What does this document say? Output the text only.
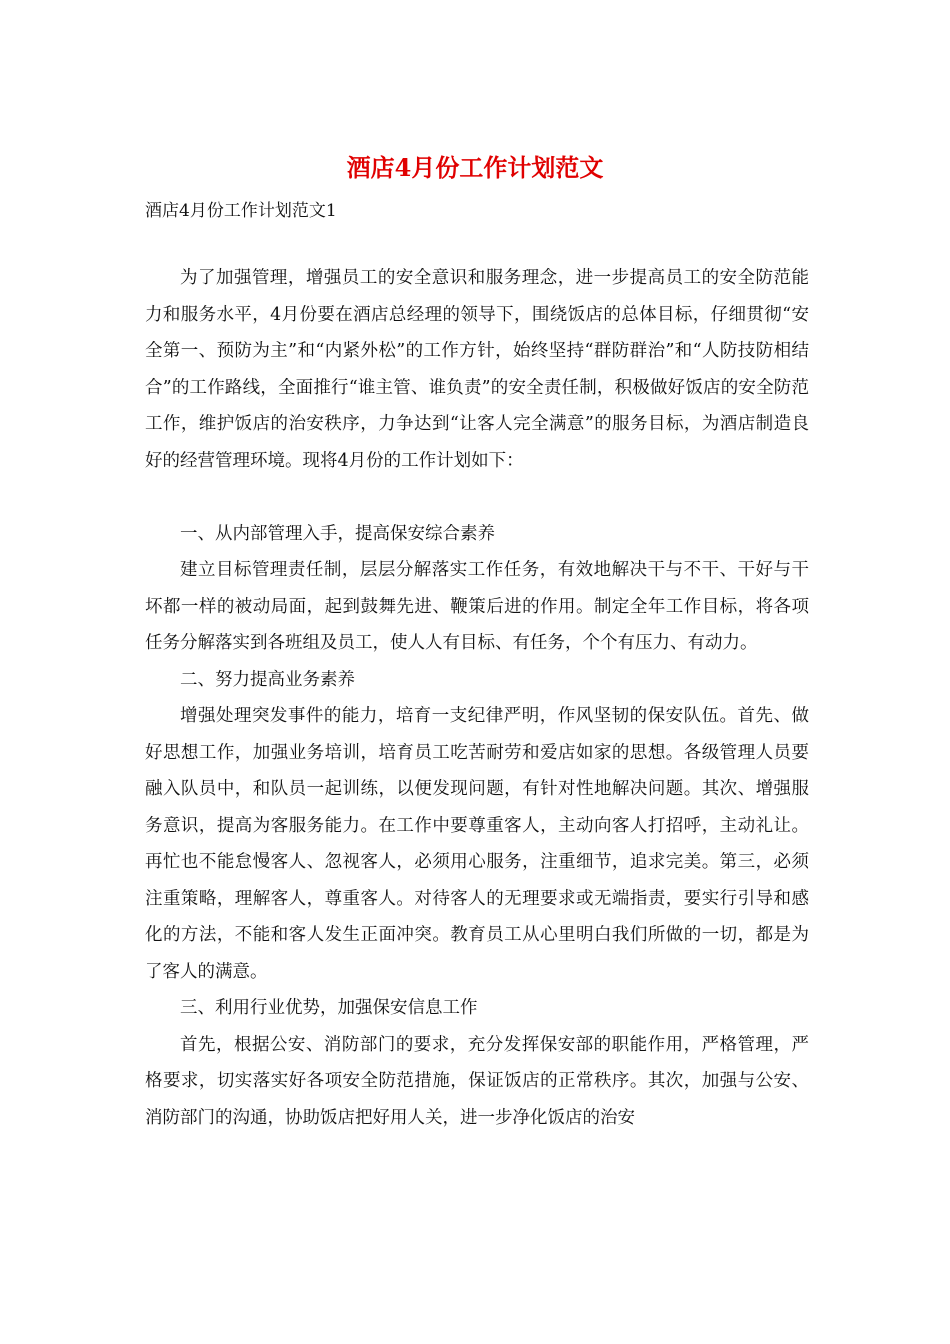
酒店4月份工作计划范文

酒店4月份工作计划范文1

为了加强管理，增强员工的安全意识和服务理念，进一步提高员工的安全防范能力和服务水平，4月份要在酒店总经理的领导下，围绕饭店的总体目标，仔细贯彻“安全第一、预防为主”和“内紧外松”的工作方针，始终坚持“群防群治”和“人防技防相结合”的工作路线，全面推行“谁主管、谁负责”的安全责任制，积极做好饭店的安全防范工作，维护饭店的治安秩序，力争达到“让客人完全满意”的服务目标，为酒店制造良好的经营管理环境。现将4月份的工作计划如下：

一、从内部管理入手，提高保安综合素养

建立目标管理责任制，层层分解落实工作任务，有效地解决干与不干、干好与干坏都一样的被动局面，起到鼓舞先进、鞭策后进的作用。制定全年工作目标，将各项任务分解落实到各班组及员工，使人人有目标、有任务，个个有压力、有动力。

二、努力提高业务素养

增强处理突发事件的能力，培育一支纪律严明，作风坚韧的保安队伍。首先、做好思想工作，加强业务培训，培育员工吃苦耐劳和爱店如家的思想。各级管理人员要融入队员中，和队员一起训练，以便发现问题，有针对性地解决问题。其次、增强服务意识，提高为客服务能力。在工作中要尊重客人，主动向客人打招呼，主动礼让。再忙也不能怠慢客人、忽视客人，必须用心服务，注重细节，追求完美。第三，必须注重策略，理解客人，尊重客人。对待客人的无理要求或无端指责，要实行引导和感化的方法，不能和客人发生正面冲突。教育员工从心里明白我们所做的一切，都是为了客人的满意。

三、利用行业优势，加强保安信息工作

首先，根据公安、消防部门的要求，充分发挥保安部的职能作用，严格管理，严格要求，切实落实好各项安全防范措施，保证饭店的正常秩序。其次，加强与公安、消防部门的沟通，协助饭店把好用人关，进一步净化饭店的治安
